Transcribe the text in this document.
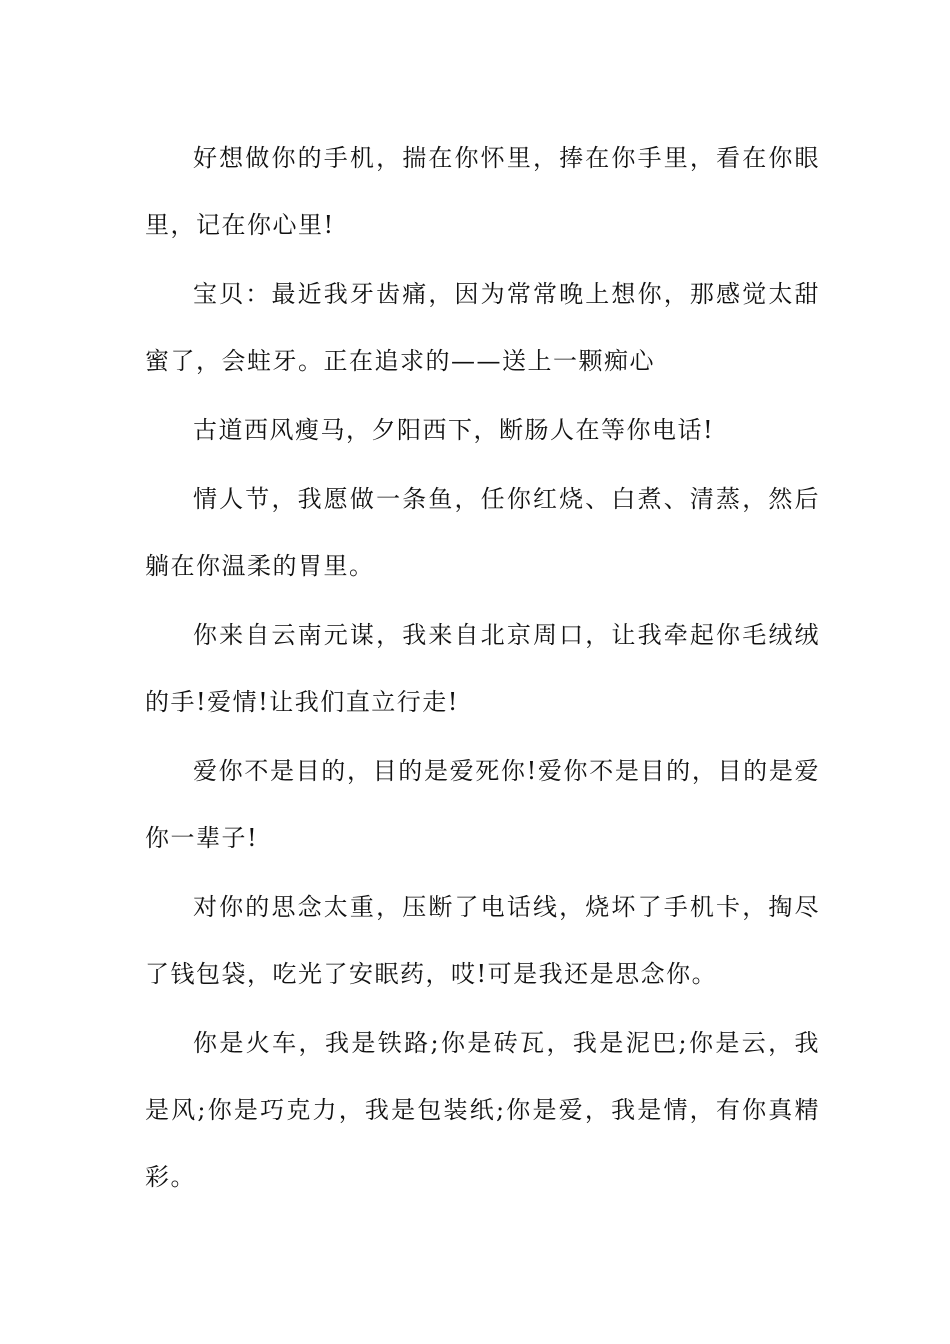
好想做你的手机，揣在你怀里，捧在你手里，看在你眼里，记在你心里!

宝贝：最近我牙齿痛，因为常常晚上想你，那感觉太甜蜜了，会蛀牙。正在追求的——送上一颗痴心

古道西风瘦马，夕阳西下，断肠人在等你电话!

情人节，我愿做一条鱼，任你红烧、白煮、清蒸，然后躺在你温柔的胃里。

你来自云南元谋，我来自北京周口，让我牵起你毛绒绒的手!爱情!让我们直立行走!

爱你不是目的，目的是爱死你!爱你不是目的，目的是爱你一辈子!

对你的思念太重，压断了电话线，烧坏了手机卡，掏尽了钱包袋，吃光了安眠药，哎!可是我还是思念你。

你是火车，我是铁路;你是砖瓦，我是泥巴;你是云，我是风;你是巧克力，我是包装纸;你是爱，我是情，有你真精彩。
